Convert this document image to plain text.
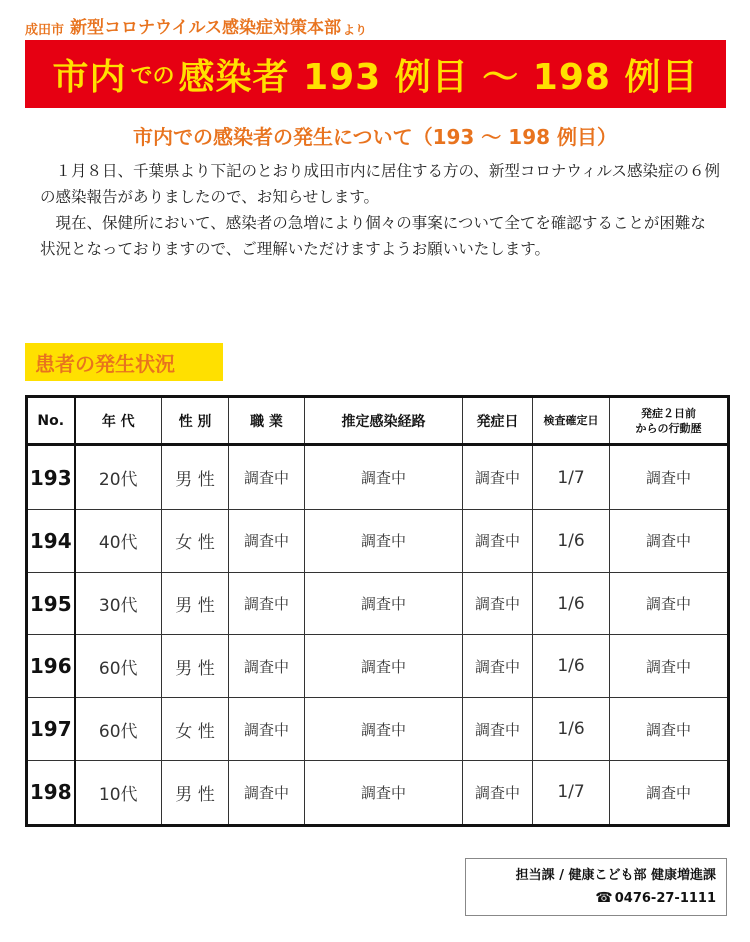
成田市 新型コロナウイルス感染症対策本部 より
市内 での 感染者 193 例目 ～ 198 例目
市内での感染者の発生について（193 ～ 198 例目）

１月８日、千葉県より下記のとおり成田市内に居住する方の、新型コロナウィルス感染症の６例の感染報告がありましたので、お知らせします。

現在、保健所において、感染者の急増により個々の事案について全てを確認することが困難な状況となっておりますので、ご理解いただけますようお願いいたします。

患者の発生状況
No.	年 代	性 別	職 業	推定感染経路	発症日	検査確定日	発症２日前
からの行動歴
193	20代	男 性	調査中	調査中	調査中	1/7	調査中
194	40代	女 性	調査中	調査中	調査中	1/6	調査中
195	30代	男 性	調査中	調査中	調査中	1/6	調査中
196	60代	男 性	調査中	調査中	調査中	1/6	調査中
197	60代	女 性	調査中	調査中	調査中	1/6	調査中
198	10代	男 性	調査中	調査中	調査中	1/7	調査中
担当課 / 健康こども部 健康増進課
☎ 0476-27-1111
